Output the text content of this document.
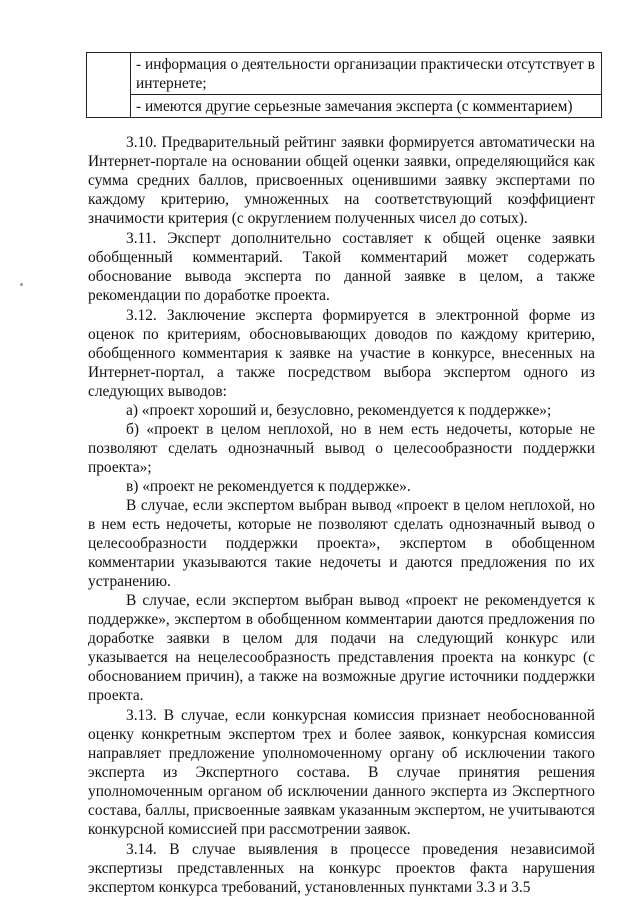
- информация о деятельности организации практически отсутствует в
интернете;

- имеются другие серьезные замечания эксперта (с комментарием)

3.10. Предварительный рейтинг заявки формируется автоматически на Интернет-портале на основании общей оценки заявки, определяющийся как сумма средних баллов, присвоенных оценившими заявку экспертами по каждому критерию, умноженных на соответствующий коэффициент значимости критерия (с округлением полученных чисел до сотых).

3.11. Эксперт дополнительно составляет к общей оценке заявки обобщенный комментарий. Такой комментарий может содержать обоснование вывода эксперта по данной заявке в целом, а также рекомендации по доработке проекта.

3.12. Заключение эксперта формируется в электронной форме из оценок по критериям, обосновывающих доводов по каждому критерию, обобщенного комментария к заявке на участие в конкурсе, внесенных на Интернет-портал, а также посредством выбора экспертом одного из следующих выводов:

а) «проект хороший и, безусловно, рекомендуется к поддержке»;

б) «проект в целом неплохой, но в нем есть недочеты, которые не позволяют сделать однозначный вывод о целесообразности поддержки проекта»;

в) «проект не рекомендуется к поддержке».

В случае, если экспертом выбран вывод «проект в целом неплохой, но в нем есть недочеты, которые не позволяют сделать однозначный вывод о целесообразности поддержки проекта», экспертом в обобщенном комментарии указываются такие недочеты и даются предложения по их устранению.

В случае, если экспертом выбран вывод «проект не рекомендуется к поддержке», экспертом в обобщенном комментарии даются предложения по доработке заявки в целом для подачи на следующий конкурс или указывается на нецелесообразность представления проекта на конкурс (с обоснованием причин), а также на возможные другие источники поддержки проекта.

3.13. В случае, если конкурсная комиссия признает необоснованной оценку конкретным экспертом трех и более заявок, конкурсная комиссия направляет предложение уполномоченному органу об исключении такого эксперта из Экспертного состава. В случае принятия решения уполномоченным органом об исключении данного эксперта из Экспертного состава, баллы, присвоенные заявкам указанным экспертом, не учитываются конкурсной комиссией при рассмотрении заявок.

3.14. В случае выявления в процессе проведения независимой экспертизы представленных на конкурс проектов факта нарушения экспертом конкурса требований, установленных пунктами 3.3 и 3.5
